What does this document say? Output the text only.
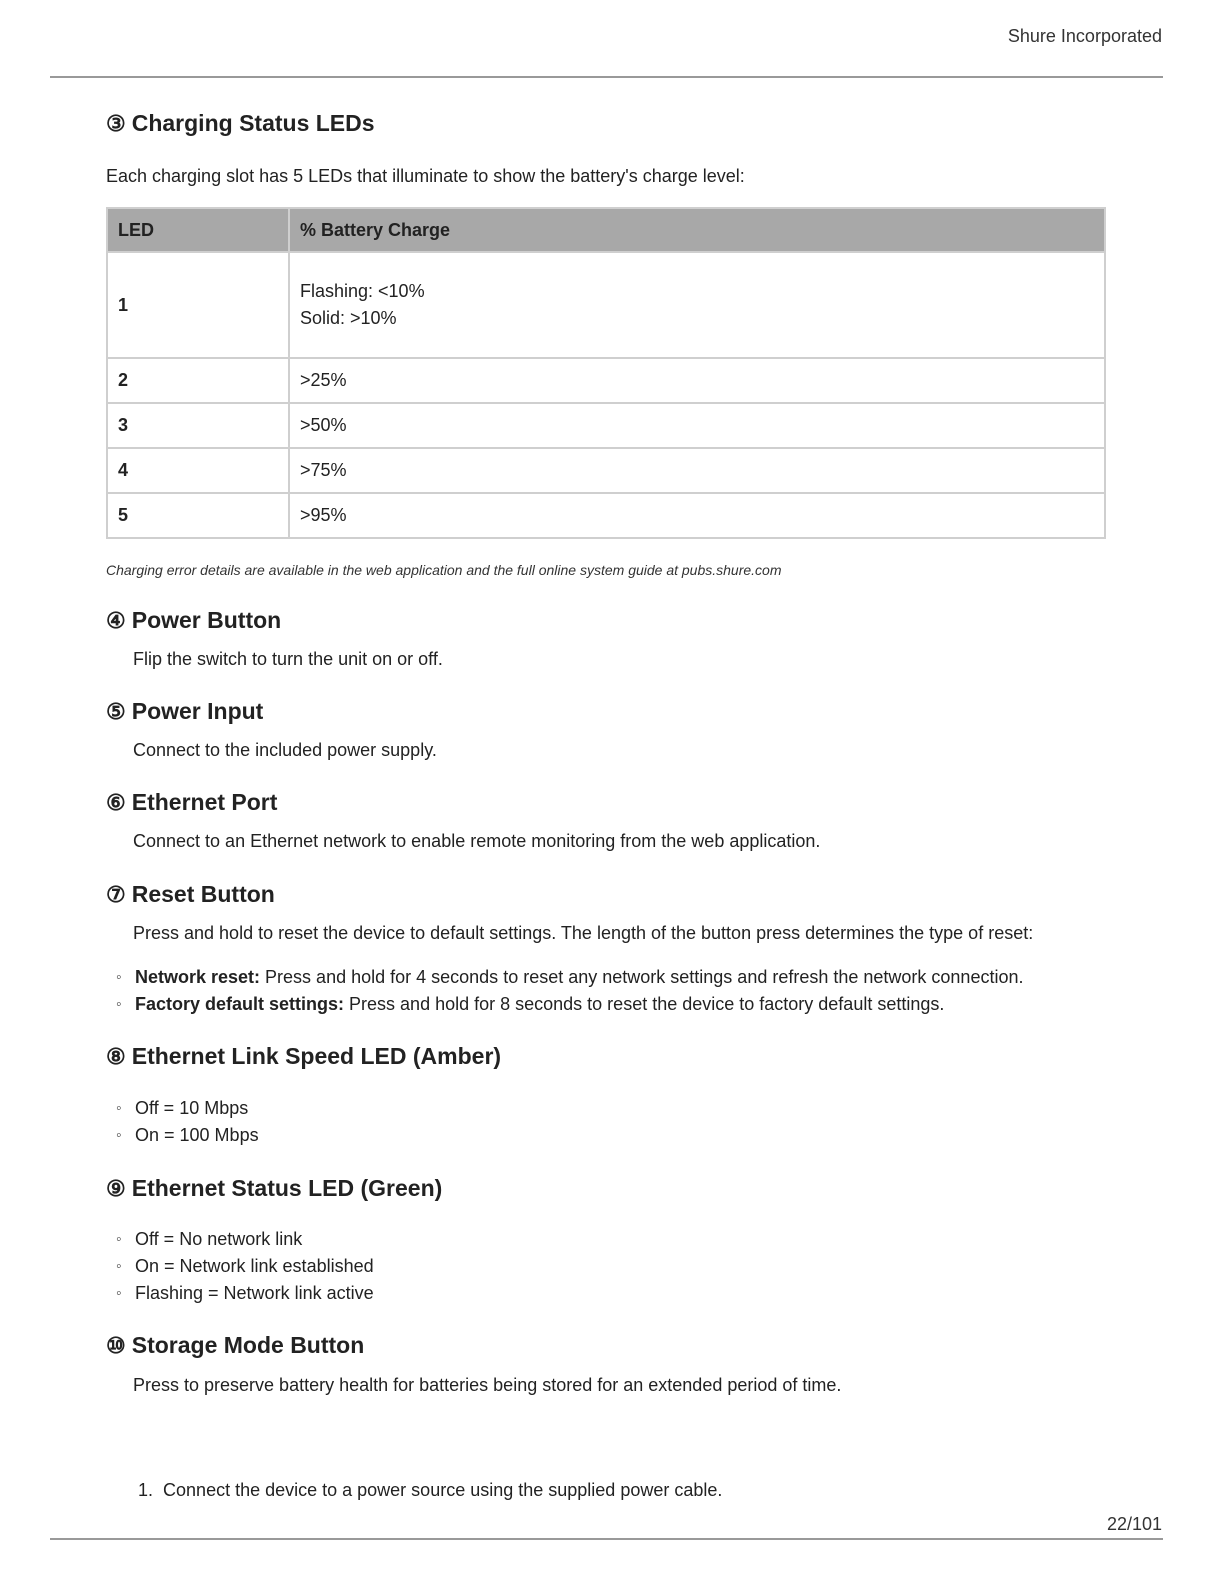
Shure Incorporated
③ Charging Status LEDs
Each charging slot has 5 LEDs that illuminate to show the battery's charge level:
LED	% Battery Charge
1	Flashing: <10%
Solid: >10%

2	>25%
3	>50%
4	>75%
5	>95%
Charging error details are available in the web application and the full online system guide at pubs.shure.com
④ Power Button
Flip the switch to turn the unit on or off.
⑤ Power Input
Connect to the included power supply.
⑥ Ethernet Port
Connect to an Ethernet network to enable remote monitoring from the web application.
⑦ Reset Button
Press and hold to reset the device to default settings. The length of the button press determines the type of reset:
◦ Network reset: Press and hold for 4 seconds to reset any network settings and refresh the network connection.
◦ Factory default settings: Press and hold for 8 seconds to reset the device to factory default settings.
⑧ Ethernet Link Speed LED (Amber)
◦ Off = 10 Mbps
◦ On = 100 Mbps
⑨ Ethernet Status LED (Green)
◦ Off = No network link
◦ On = Network link established
◦ Flashing = Network link active
⑩ Storage Mode Button
Press to preserve battery health for batteries being stored for an extended period of time.
1. Connect the device to a power source using the supplied power cable.
22/101
